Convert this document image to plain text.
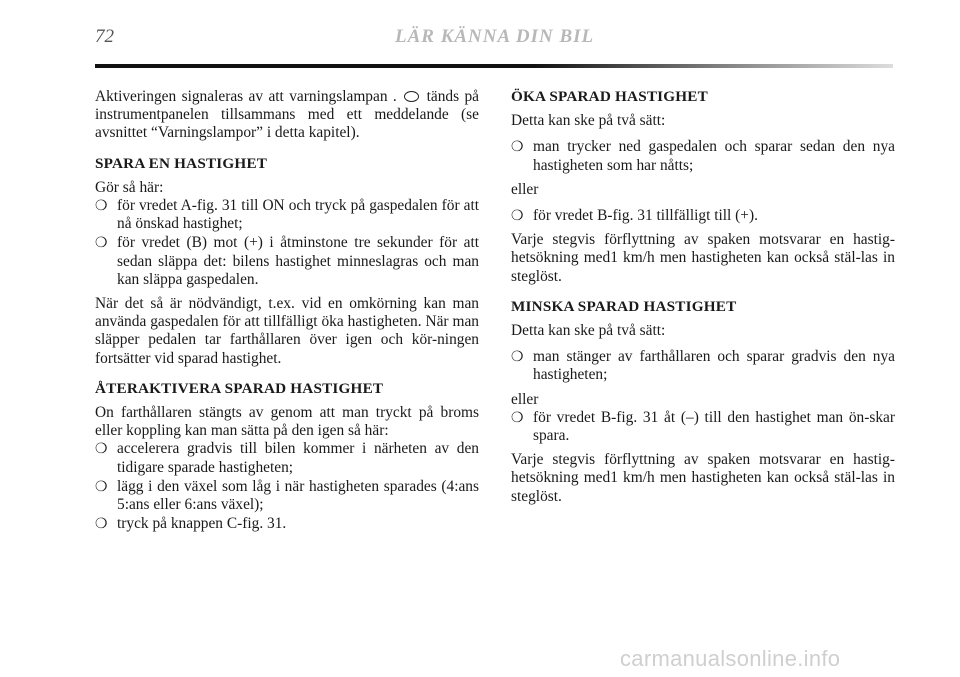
72	LÄR KÄNNA DIN BIL

Aktiveringen signaleras av att varningslampan . tänds på instrumentpanelen tillsammans med ett meddelande (se avsnittet “Varningslampor” i detta kapitel).

SPARA EN HASTIGHET

Gör så här:

❍ för vredet A-fig. 31 till ON och tryck på gaspedalen för att nå önskad hastighet;
❍ för vredet (B) mot (+) i åtminstone tre sekunder för att sedan släppa det: bilens hastighet minneslagras och man kan släppa gaspedalen.

När det så är nödvändigt, t.ex. vid en omkörning kan man använda gaspedalen för att tillfälligt öka hastigheten. När man släpper pedalen tar farthållaren över igen och kör-ningen fortsätter vid sparad hastighet.

ÅTERAKTIVERA SPARAD HASTIGHET

On farthållaren stängts av genom att man tryckt på broms eller koppling kan man sätta på den igen så här:

❍ accelerera gradvis till bilen kommer i närheten av den tidigare sparade hastigheten;
❍ lägg i den växel som låg i när hastigheten sparades (4:ans 5:ans eller 6:ans växel);
❍ tryck på knappen C-fig. 31.
ÖKA SPARAD HASTIGHET

Detta kan ske på två sätt:

❍ man trycker ned gaspedalen och sparar sedan den nya hastigheten som har nåtts;

eller

❍ för vredet B-fig. 31 tillfälligt till (+).

Varje stegvis förflyttning av spaken motsvarar en hastig-hetsökning med1 km/h men hastigheten kan också stäl-las in steglöst.

MINSKA SPARAD HASTIGHET

Detta kan ske på två sätt:

❍ man stänger av farthållaren och sparar gradvis den nya hastigheten;

eller

❍ för vredet B-fig. 31 åt (–) till den hastighet man ön-skar spara.

Varje stegvis förflyttning av spaken motsvarar en hastig-hetsökning med1 km/h men hastigheten kan också stäl-las in steglöst.

carmanualsonline.info
